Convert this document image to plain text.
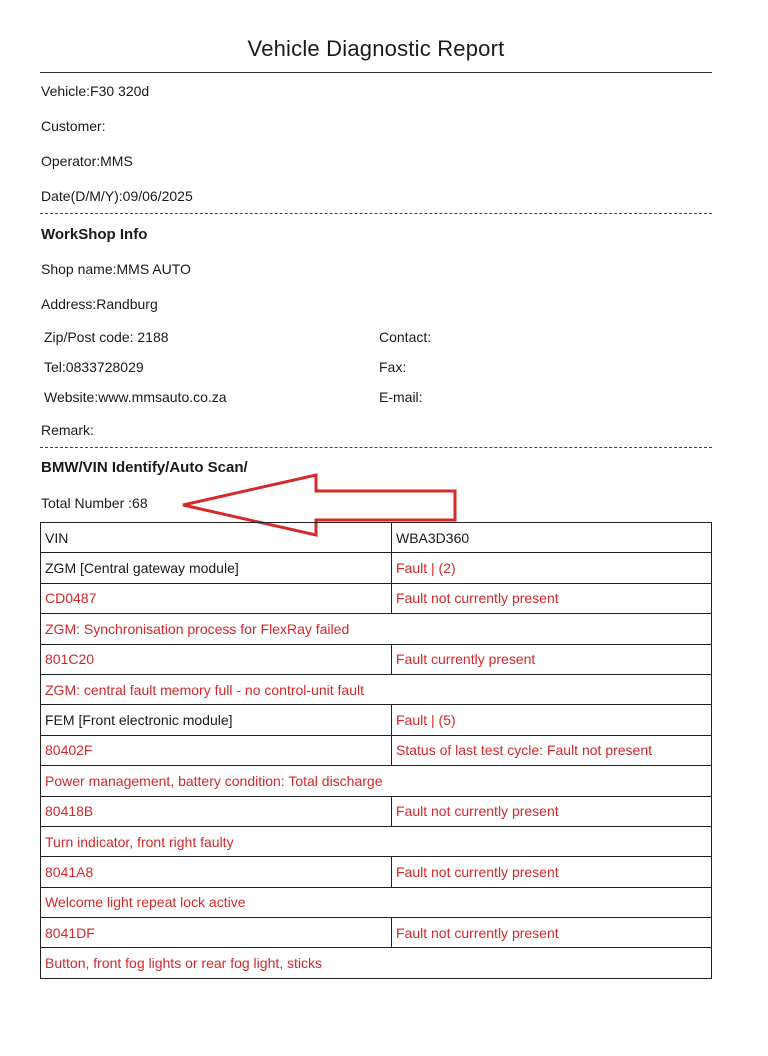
Vehicle Diagnostic Report
Vehicle:F30 320d
Customer:
Operator:MMS
Date(D/M/Y):09/06/2025
WorkShop Info
Shop name:MMS AUTO
Address:Randburg
Zip/Post code: 2188	Contact:
Tel:0833728029	Fax:
Website:www.mmsauto.co.za	E-mail:
Remark:
BMW/VIN Identify/Auto Scan/
Total Number :68
VIN	WBA3D360
ZGM [Central gateway module]	Fault | (2)
CD0487	Fault not currently present
ZGM: Synchronisation process for FlexRay failed	
801C20	Fault currently present
ZGM: central fault memory full - no control-unit fault	
FEM [Front electronic module]	Fault | (5)
80402F	Status of last test cycle: Fault not present
Power management, battery condition: Total discharge	
80418B	Fault not currently present
Turn indicator, front right faulty	
8041A8	Fault not currently present
Welcome light repeat lock active	
8041DF	Fault not currently present
Button, front fog lights or rear fog light, sticks	
